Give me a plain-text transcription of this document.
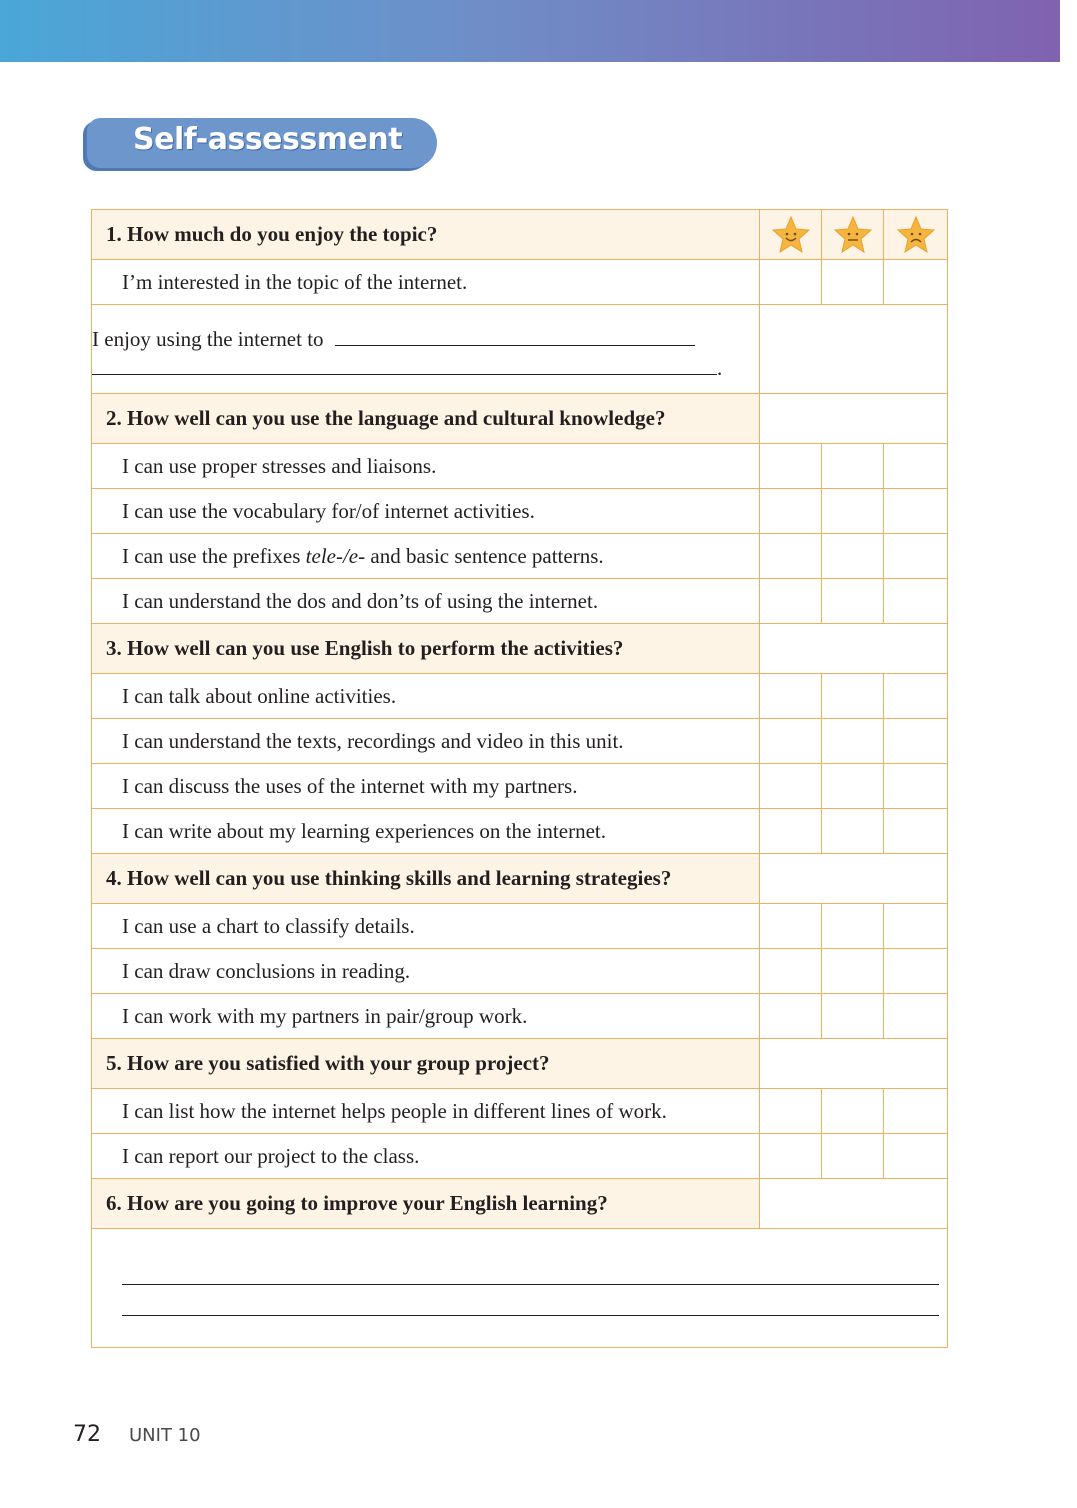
Self-assessment
1. How much do you enjoy the topic?	

I’m interested in the topic of the internet.			
I enjoy using the internet to
.			
2. How well can you use the language and cultural knowledge?			
I can use proper stresses and liaisons.			
I can use the vocabulary for/of internet activities.			
I can use the prefixes tele-/e- and basic sentence patterns.			
I can understand the dos and don’ts of using the internet.			
3. How well can you use English to perform the activities?			
I can talk about online activities.			
I can understand the texts, recordings and video in this unit.			
I can discuss the uses of the internet with my partners.			
I can write about my learning experiences on the internet.			
4. How well can you use thinking skills and learning strategies?			
I can use a chart to classify details.			
I can draw conclusions in reading.			
I can work with my partners in pair/group work.			
5. How are you satisfied with your group project?			
I can list how the internet helps people in different lines of work.			
I can report our project to the class.			
6. How are you going to improve your English learning?			

72 UNIT 10
